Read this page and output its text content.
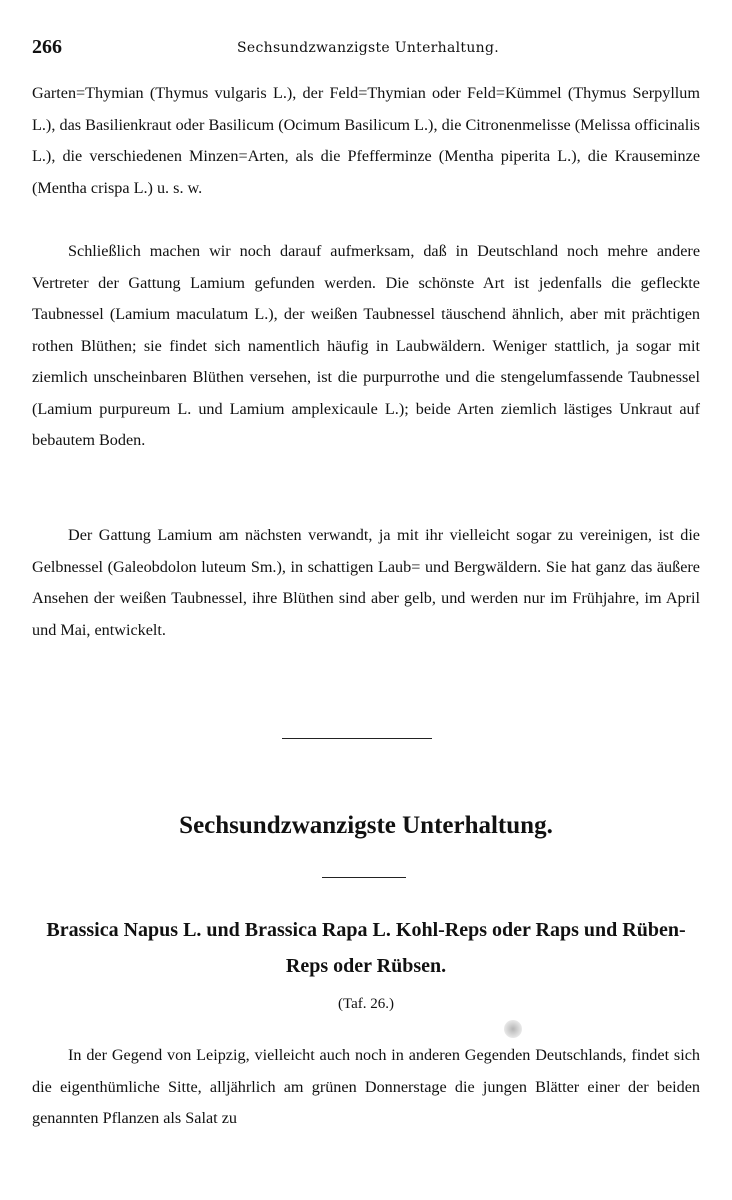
266	Sechsundzwanzigste Unterhaltung.

Garten=Thymian (Thymus vulgaris L.), der Feld=Thymian oder Feld=Kümmel (Thymus Serpyllum L.), das Basilienkraut oder Basilicum (Ocimum Basilicum L.), die Citronenmelisse (Melissa officinalis L.), die verschiedenen Minzen=Arten, als die Pfefferminze (Mentha piperita L.), die Krauseminze (Mentha crispa L.) u. s. w.

Schließlich machen wir noch darauf aufmerksam, daß in Deutschland noch mehre andere Vertreter der Gattung Lamium gefunden werden. Die schönste Art ist jedenfalls die gefleckte Taubnessel (Lamium maculatum L.), der weißen Taubnessel täuschend ähnlich, aber mit prächtigen rothen Blüthen; sie findet sich namentlich häufig in Laubwäldern. Weniger stattlich, ja sogar mit ziemlich unscheinbaren Blüthen versehen, ist die purpurrothe und die stengelumfassende Taubnessel (Lamium purpureum L. und Lamium amplexicaule L.); beide Arten ziemlich lästiges Unkraut auf bebautem Boden.

Der Gattung Lamium am nächsten verwandt, ja mit ihr vielleicht sogar zu vereinigen, ist die Gelbnessel (Galeobdolon luteum Sm.), in schattigen Laub= und Bergwäldern. Sie hat ganz das äußere Ansehen der weißen Taubnessel, ihre Blüthen sind aber gelb, und werden nur im Frühjahre, im April und Mai, entwickelt.

Sechsundzwanzigste Unterhaltung.
Brassica Napus L. und Brassica Rapa L. Kohl-Reps oder Raps und Rüben-Reps oder Rübsen.
(Taf. 26.)

In der Gegend von Leipzig, vielleicht auch noch in anderen Gegenden Deutschlands, findet sich die eigenthümliche Sitte, alljährlich am grünen Donnerstage die jungen Blätter einer der beiden genannten Pflanzen als Salat zu
